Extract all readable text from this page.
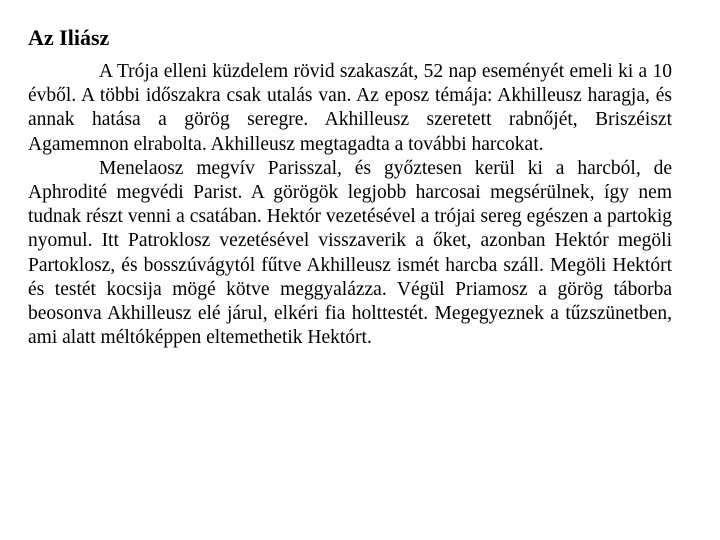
Az Iliász

A Trója elleni küzdelem rövid szakaszát, 52 nap eseményét emeli ki a 10 évből. A többi időszakra csak utalás van. Az eposz témája: Akhilleusz haragja, és annak hatása a görög seregre. Akhilleusz szeretett rabnőjét, Briszéiszt Agamemnon elrabolta. Akhilleusz megtagadta a további harcokat.

Menelaosz megvív Parisszal, és győztesen kerül ki a harcból, de Aphrodité megvédi Parist. A görögök legjobb harcosai megsérülnek, így nem tudnak részt venni a csatában. Hektór vezetésével a trójai sereg egészen a partokig nyomul. Itt Patroklosz vezetésével visszaverik a őket, azonban Hektór megöli Partoklosz, és bosszúvágytól fűtve Akhilleusz ismét harcba száll. Megöli Hektórt és testét kocsija mögé kötve meggyalázza. Végül Priamosz a görög táborba beosonva Akhilleusz elé járul, elkéri fia holttestét. Megegyeznek a tűzszünetben, ami alatt méltóképpen eltemethetik Hektórt.
